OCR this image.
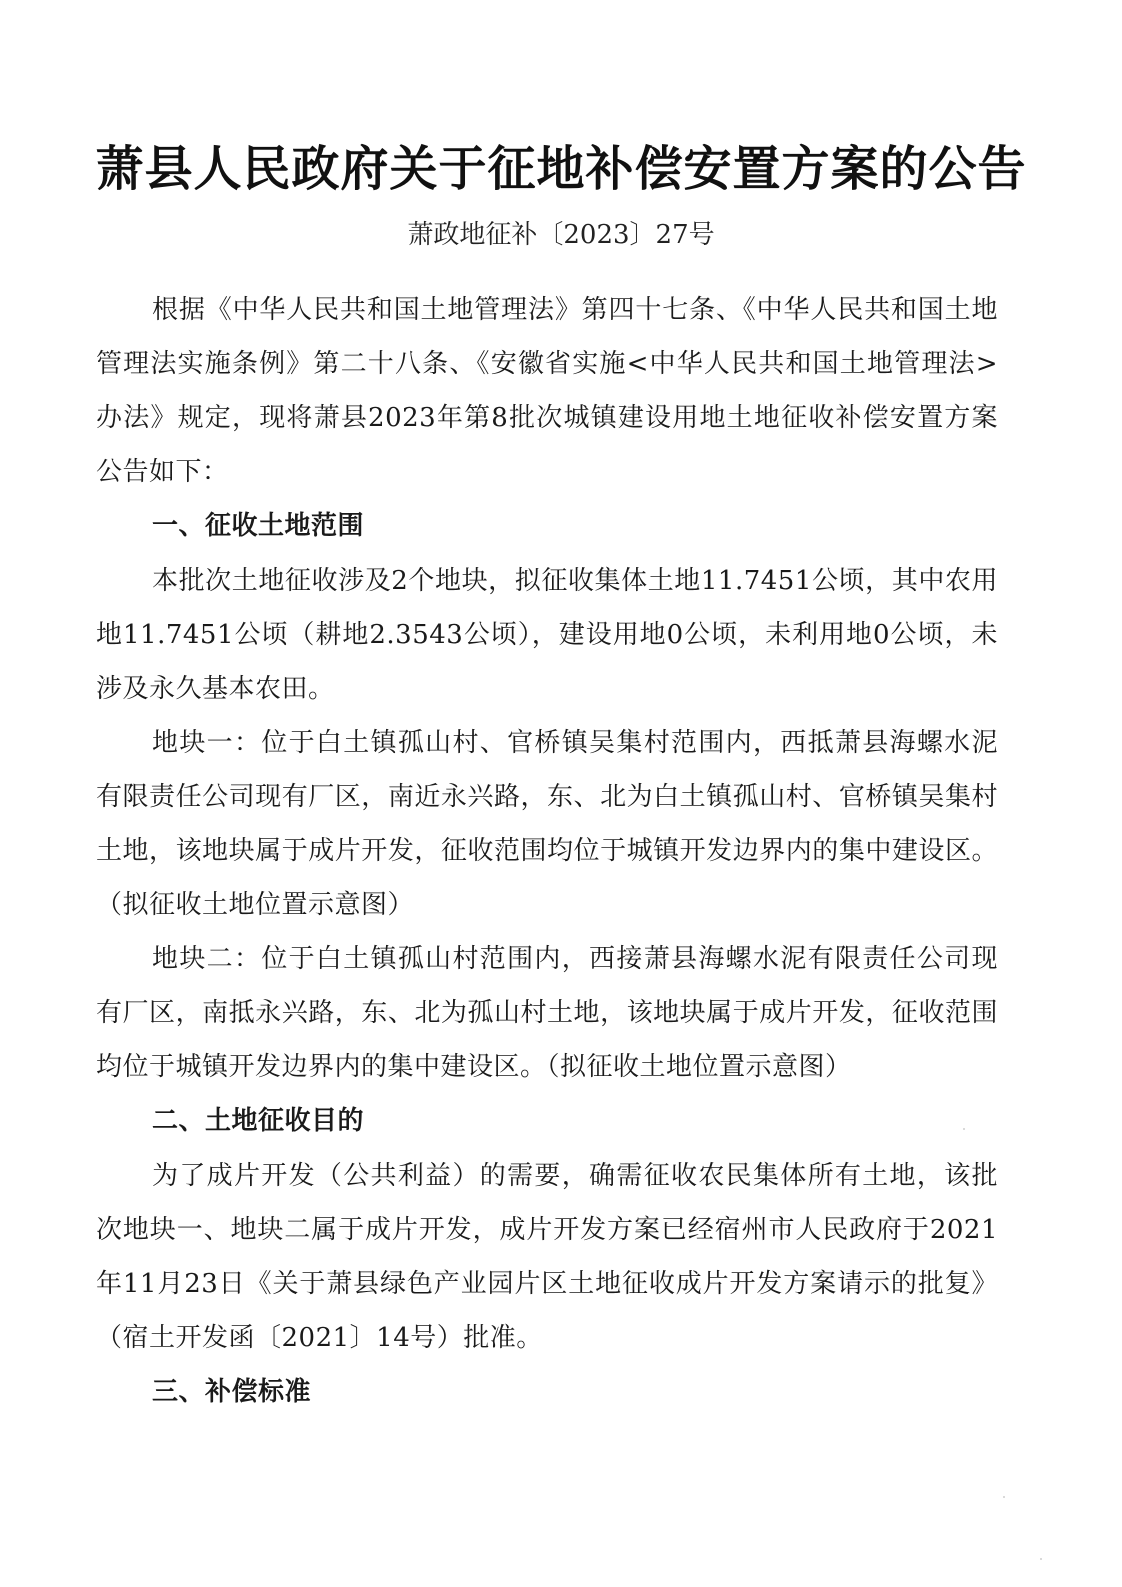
萧县人民政府关于征地补偿安置方案的公告
萧政地征补〔2023〕27号

根据《中华人民共和国土地管理法》第四十七条、《中华人民共和国土地管理法实施条例》第二十八条、《安徽省实施<中华人民共和国土地管理法>办法》规定，现将萧县2023年第8批次城镇建设用地土地征收补偿安置方案公告如下：

一、征收土地范围

本批次土地征收涉及2个地块，拟征收集体土地11.7451公顷，其中农用地11.7451公顷（耕地2.3543公顷），建设用地0公顷，未利用地0公顷，未涉及永久基本农田。

地块一：位于白土镇孤山村、官桥镇吴集村范围内，西抵萧县海螺水泥有限责任公司现有厂区，南近永兴路，东、北为白土镇孤山村、官桥镇吴集村土地，该地块属于成片开发，征收范围均位于城镇开发边界内的集中建设区。（拟征收土地位置示意图）

地块二：位于白土镇孤山村范围内，西接萧县海螺水泥有限责任公司现有厂区，南抵永兴路，东、北为孤山村土地，该地块属于成片开发，征收范围均位于城镇开发边界内的集中建设区。（拟征收土地位置示意图）

二、土地征收目的

为了成片开发（公共利益）的需要，确需征收农民集体所有土地，该批次地块一、地块二属于成片开发，成片开发方案已经宿州市人民政府于2021年11月23日《关于萧县绿色产业园片区土地征收成片开发方案请示的批复》（宿土开发函〔2021〕14号）批准。

三、补偿标准
